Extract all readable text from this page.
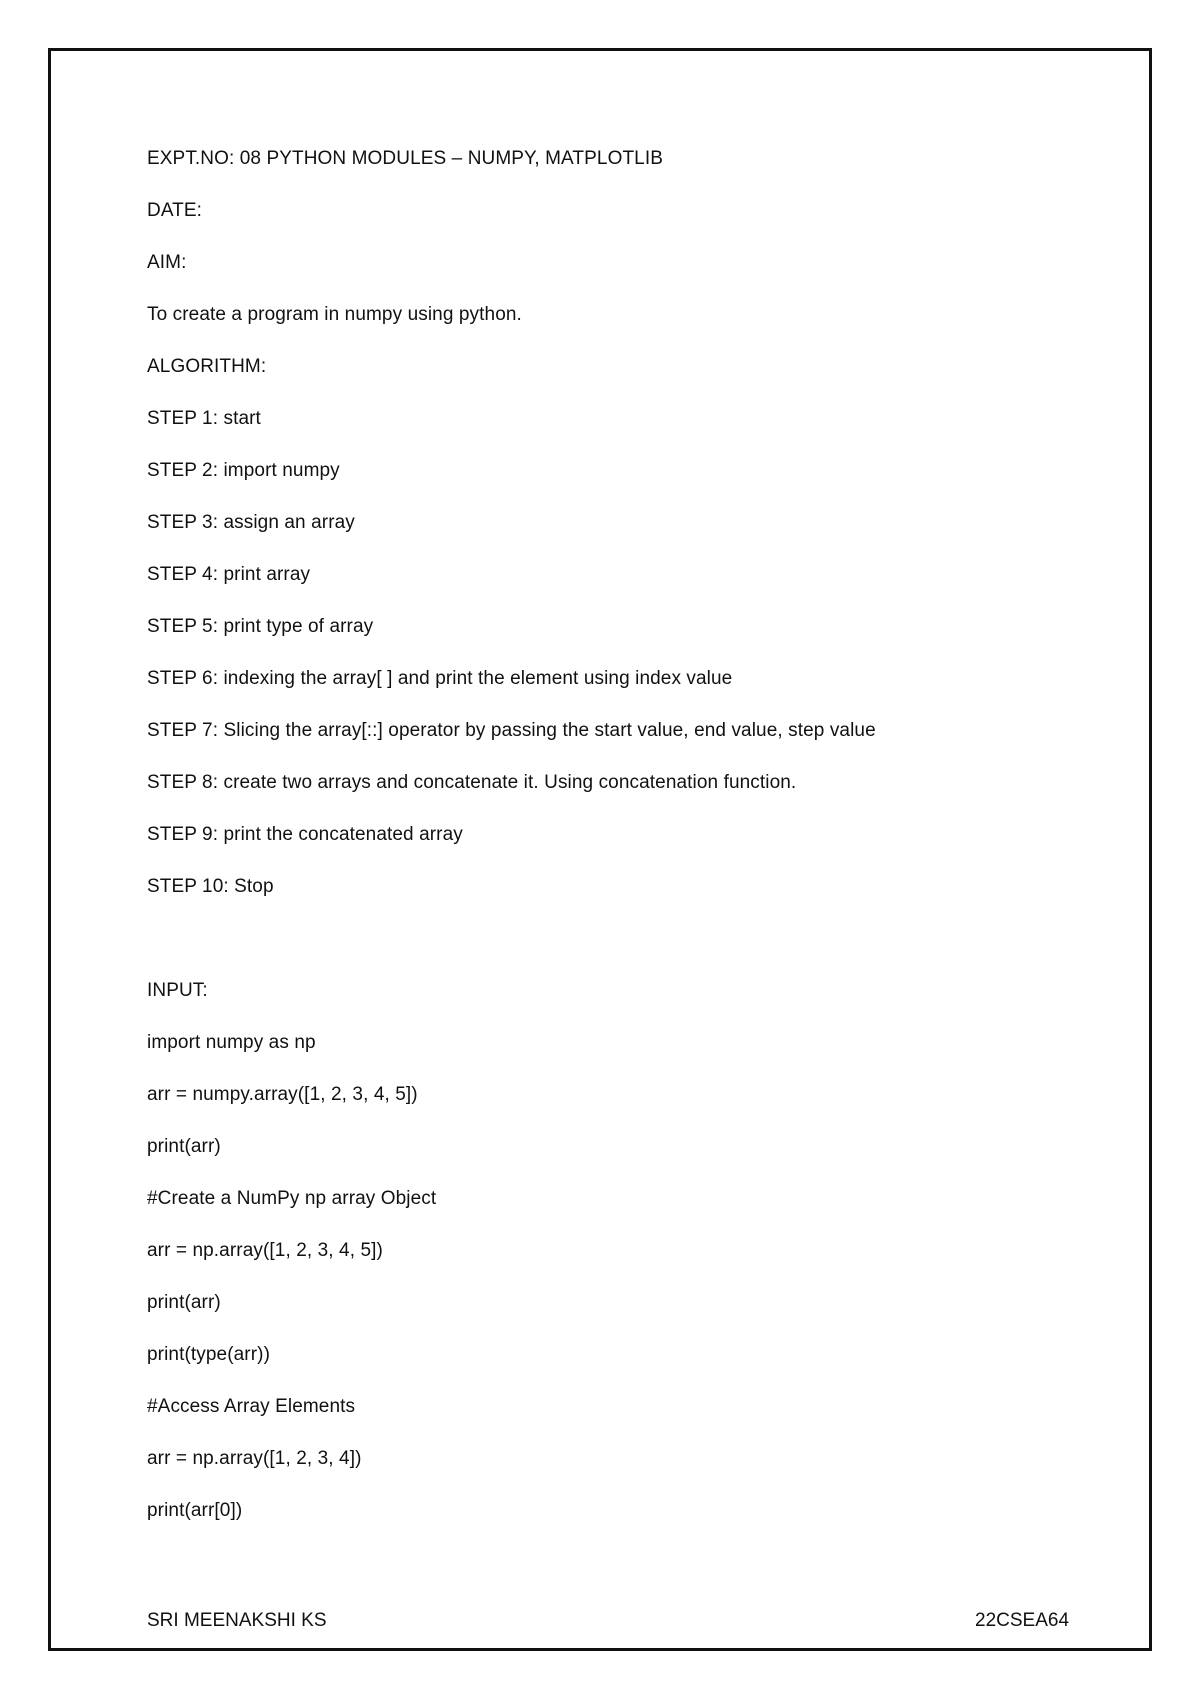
EXPT.NO: 08 PYTHON MODULES – NUMPY, MATPLOTLIB
DATE:
AIM:
To create a program in numpy using python.
ALGORITHM:
STEP 1: start
STEP 2: import numpy
STEP 3: assign an array
STEP 4: print array
STEP 5: print type of array
STEP 6: indexing the array[ ] and print the element using index value
STEP 7: Slicing the array[::] operator by passing the start value, end value, step value
STEP 8: create two arrays and concatenate it. Using concatenation function.
STEP 9: print the concatenated array
STEP 10: Stop
INPUT:
import numpy as np
arr = numpy.array([1, 2, 3, 4, 5])
print(arr)
#Create a NumPy np array Object
arr = np.array([1, 2, 3, 4, 5])
print(arr)
print(type(arr))
#Access Array Elements
arr = np.array([1, 2, 3, 4])
print(arr[0])
SRI MEENAKSHI KS	22CSEA64
